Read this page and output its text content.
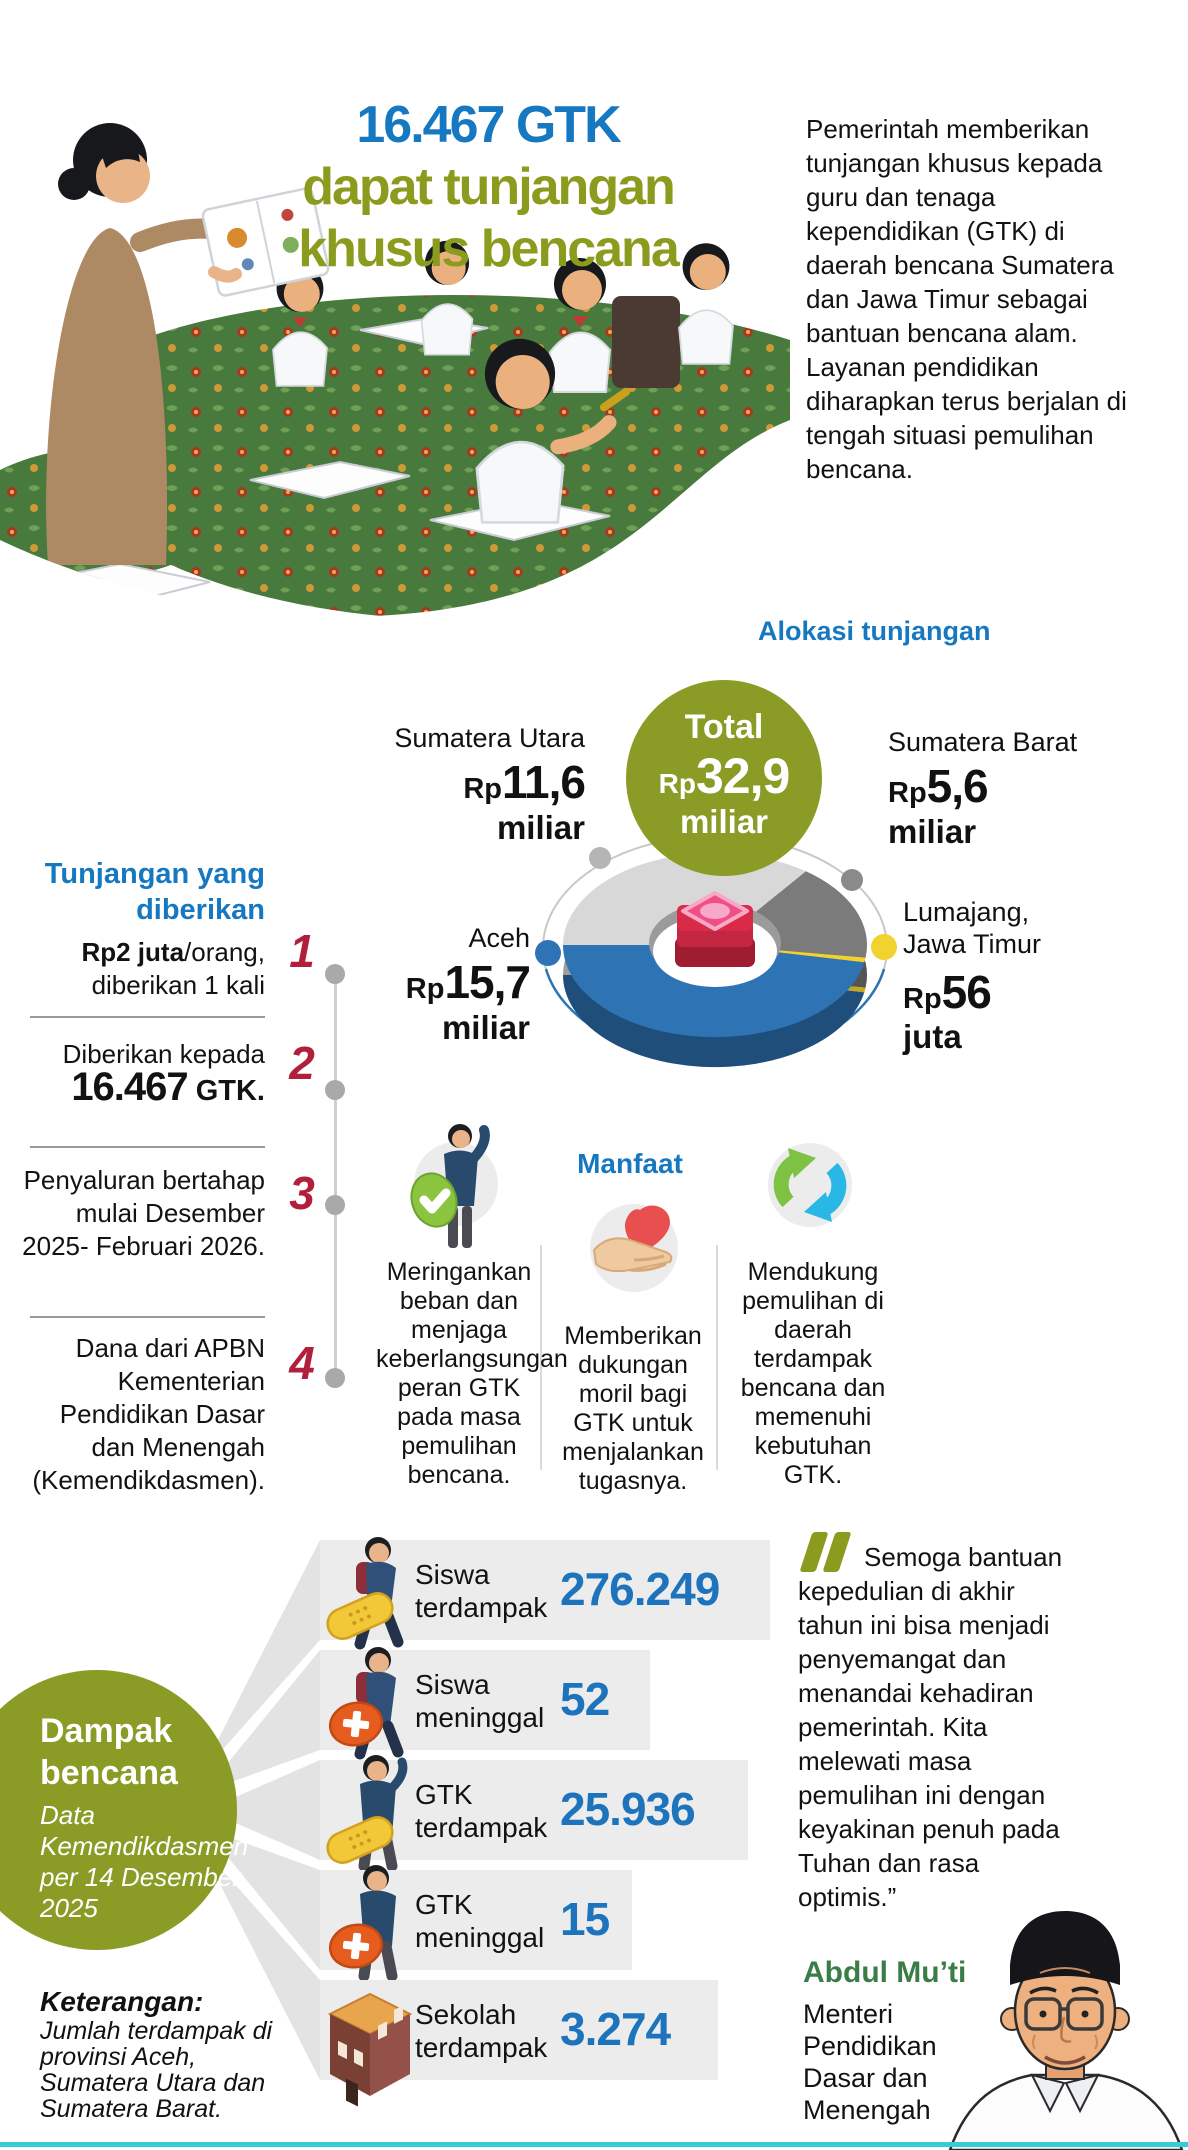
16.467 GTK
dapat tunjangan
khusus bencana
Pemerintah memberikan tunjangan khusus kepada guru dan tenaga kependidikan (GTK) di daerah bencana Sumatera dan Jawa Timur sebagai bantuan bencana alam. Layanan pendidikan diharapkan terus berjalan di tengah situasi pemulihan bencana.
Alokasi tunjangan
Sumatera Utara
Rp11,6
miliar
Sumatera Barat
Rp5,6
miliar
Aceh
Rp15,7
miliar
Lumajang,
Jawa Timur
Rp56
juta
Total
Rp32,9
miliar
Tunjangan yang diberikan
Rp2 juta/orang,
diberikan 1 kali
Diberikan kepada
16.467 GTK.
Penyaluran bertahap mulai Desember 2025- Februari 2026.
Dana dari APBN Kementerian Pendidikan Dasar dan Menengah (Kemendikdasmen).
1
2
3
4
Manfaat
Meringankan beban dan menjaga keberlangsungan peran GTK pada masa pemulihan bencana.
Memberikan dukungan moril bagi GTK untuk menjalankan tugasnya.
Mendukung pemulihan di daerah terdampak bencana dan memenuhi kebutuhan GTK.
Dampak
bencana
Data Kemendikdasmen per 14 Desember 2025
Keterangan:
Jumlah terdampak di provinsi Aceh, Sumatera Utara dan Sumatera Barat.
Siswa
terdampak 276.249
Siswa
meninggal 52
GTK
terdampak 25.936
GTK
meninggal 15
Sekolah
terdampak 3.274
Semoga bantuan kepedulian di akhir tahun ini bisa menjadi penyemangat dan menandai kehadiran pemerintah. Kita melewati masa pemulihan ini dengan keyakinan penuh pada Tuhan dan rasa optimis.”
Abdul Mu’ti
Menteri Pendidikan Dasar dan Menengah
